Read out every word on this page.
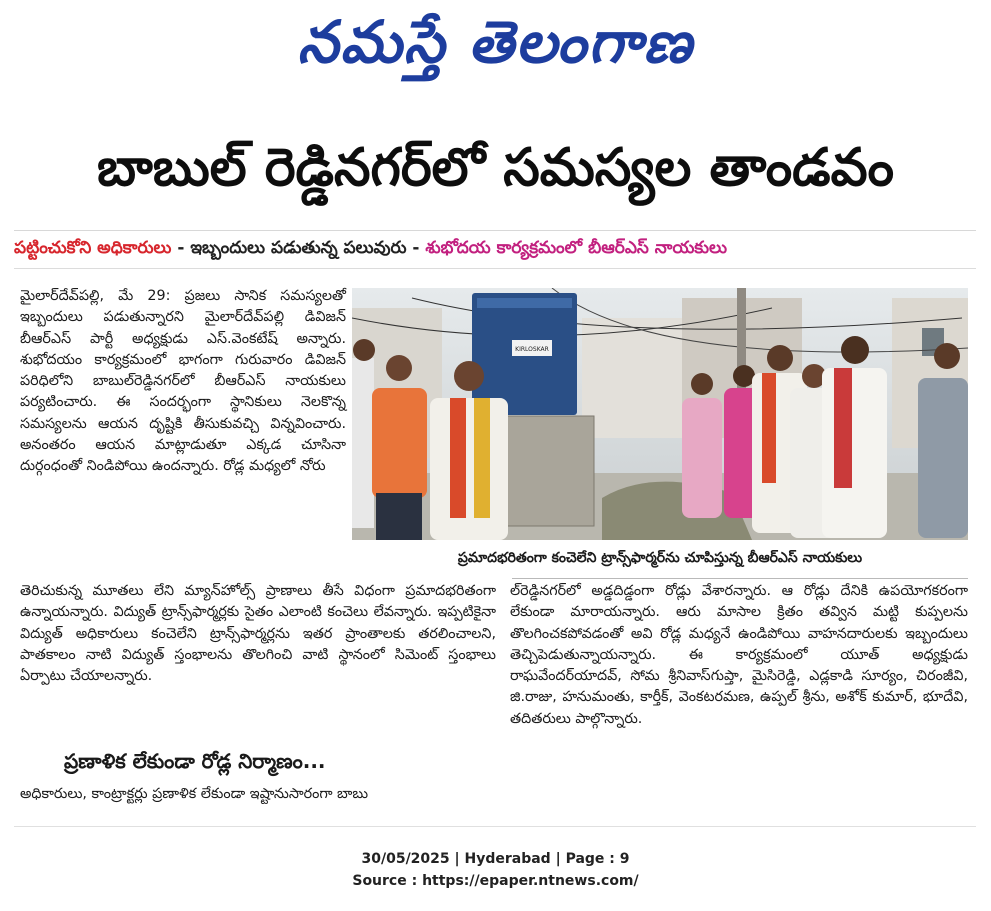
నమస్తే తెలంగాణ
బాబుల్ రెడ్డినగర్‌లో సమస్యల తాండవం
పట్టించుకోని అధికారులు - ఇబ్బందులు పడుతున్న పలువురు - శుభోదయ కార్యక్రమంలో బీఆర్ఎస్ నాయకులు

మైలార్‌దేవ్‌పల్లి, మే 29: ప్రజలు సానిక సమస్యలతో ఇబ్బందులు పడుతున్నారని మైలార్‌దేవ్‌పల్లి డివిజన్ బీఆర్ఎస్ పార్టీ అధ్యక్షుడు ఎస్.వెంకటేష్ అన్నారు. శుభోదయం కార్యక్రమంలో భాగంగా గురువారం డివిజన్ పరిధిలోని బాబుల్‌రెడ్డినగర్‌లో బీఆర్ఎస్ నాయకులు పర్యటించారు. ఈ సందర్భంగా స్థానికులు నెలకొన్న సమస్యలను ఆయన దృష్టికి తీసుకువచ్చి విన్నవించారు. అనంతరం ఆయన మాట్లాడుతూ ఎక్కడ చూసినా దుర్గంధంతో నిండిపోయి ఉందన్నారు. రోడ్ల మధ్యలో నోరు

KIRLOSKAR
ప్రమాదభరితంగా కంచెలేని ట్రాన్స్‌ఫార్మర్‌ను చూపిస్తున్న బీఆర్ఎస్ నాయకులు

తెరిచుకున్న మూతలు లేని మ్యాన్‌హోల్స్ ప్రాణాలు తీసే విధంగా ప్రమాదభరితంగా ఉన్నాయన్నారు. విద్యుత్ ట్రాన్స్‌ఫార్మర్లకు సైతం ఎలాంటి కంచెలు లేవన్నారు. ఇప్పటికైనా విద్యుత్ అధికారులు కంచెలేని ట్రాన్స్‌ఫార్మర్లను ఇతర ప్రాంతాలకు తరలించాలని, పాతకాలం నాటి విద్యుత్ స్తంభాలను తొలగించి వాటి స్థానంలో సిమెంట్ స్తంభాలు ఏర్పాటు చేయాలన్నారు.

ప్రణాళిక లేకుండా రోడ్ల నిర్మాణం...
అధికారులు, కాంట్రాక్టర్లు ప్రణాళిక లేకుండా ఇష్టానుసారంగా బాబు

ల్‌రెడ్డినగర్‌లో అడ్డదిడ్డంగా రోడ్లు వేశారన్నారు. ఆ రోడ్లు దేనికి ఉపయోగకరంగా లేకుండా మారాయన్నారు. ఆరు మాసాల క్రితం తవ్విన మట్టి కుప్పలను తొలగించకపోవడంతో అవి రోడ్ల మధ్యనే ఉండిపోయి వాహనదారులకు ఇబ్బందులు తెచ్చిపెడుతున్నాయన్నారు. ఈ కార్యక్రమంలో యూత్ అధ్యక్షుడు రాఘవేందర్‌యాదవ్, సోమ శ్రీనివాస్‌గుప్తా, మైసిరెడ్డి, ఎడ్లకాడి సూర్యం, చిరంజీవి, జి.రాజు, హనుమంతు, కార్తీక్, వెంకటరమణ, ఉప్పల్ శ్రీను, అశోక్ కుమార్, భూదేవి, తదితరులు పాల్గొన్నారు.

30/05/2025 | Hyderabad | Page : 9
Source : https://epaper.ntnews.com/
